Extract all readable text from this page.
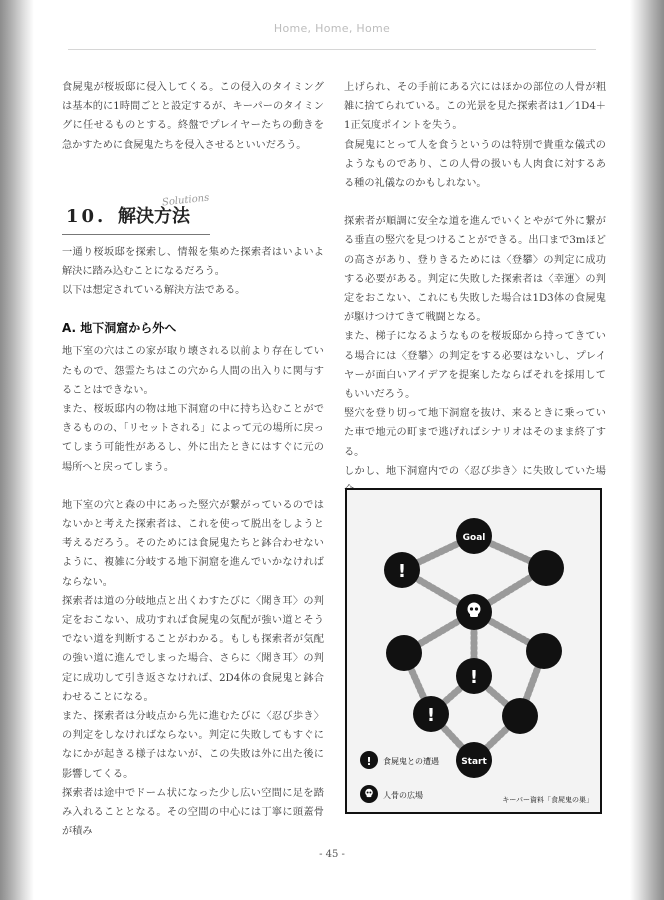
Home, Home, Home

食屍鬼が桜坂邸に侵入してくる。この侵入のタイミングは基本的に1時間ごとと設定するが、キーパーのタイミングに任せるものとする。終盤でプレイヤーたちの動きを急かすために食屍鬼たちを侵入させるといいだろう。

Solutions
10. 解決方法

一通り桜坂邸を探索し、情報を集めた探索者はいよいよ解決に踏み込むことになるだろう。

以下は想定されている解決方法である。

A. 地下洞窟から外へ

地下室の穴はこの家が取り壊される以前より存在していたもので、怨霊たちはこの穴から人間の出入りに関与することはできない。

また、桜坂邸内の物は地下洞窟の中に持ち込むことができるものの、「リセットされる」によって元の場所に戻ってしまう可能性があるし、外に出たときにはすぐに元の場所へと戻ってしまう。

地下室の穴と森の中にあった竪穴が繋がっているのではないかと考えた探索者は、これを使って脱出をしようと考えるだろう。そのためには食屍鬼たちと鉢合わせないように、複雑に分岐する地下洞窟を進んでいかなければならない。

探索者は道の分岐地点と出くわすたびに〈聞き耳〉の判定をおこない、成功すれば食屍鬼の気配が強い道とそうでない道を判断することがわかる。もしも探索者が気配の強い道に進んでしまった場合、さらに〈聞き耳〉の判定に成功して引き返さなければ、2D4体の食屍鬼と鉢合わせることになる。

また、探索者は分岐点から先に進むたびに〈忍び歩き〉の判定をしなければならない。判定に失敗してもすぐになにかが起きる様子はないが、この失敗は外に出た後に影響してくる。

探索者は途中でドーム状になった少し広い空間に足を踏み入れることとなる。その空間の中心には丁寧に頭蓋骨が積み

上げられ、その手前にある穴にはほかの部位の人骨が粗雑に捨てられている。この光景を見た探索者は1／1D4＋1正気度ポイントを失う。

食屍鬼にとって人を食うというのは特別で貴重な儀式のようなものであり、この人骨の扱いも人肉食に対するある種の礼儀なのかもしれない。

探索者が順調に安全な道を進んでいくとやがて外に繋がる垂直の竪穴を見つけることができる。出口まで3mほどの高さがあり、登りきるためには〈登攀〉の判定に成功する必要がある。判定に失敗した探索者は〈幸運〉の判定をおこない、これにも失敗した場合は1D3体の食屍鬼が駆けつけてきて戦闘となる。

また、梯子になるようなものを桜坂邸から持ってきている場合には〈登攀〉の判定をする必要はないし、プレイヤーが面白いアイデアを提案したならばそれを採用してもいいだろう。

竪穴を登り切って地下洞窟を抜け、来るときに乗っていた車で地元の町まで逃げればシナリオはそのまま終了する。

しかし、地下洞窟内での〈忍び歩き〉に失敗していた場

Goal
!
!
!
Start
! 食屍鬼との遭遇
人骨の広場	キーパー資料「食屍鬼の巣」
- 45 -
